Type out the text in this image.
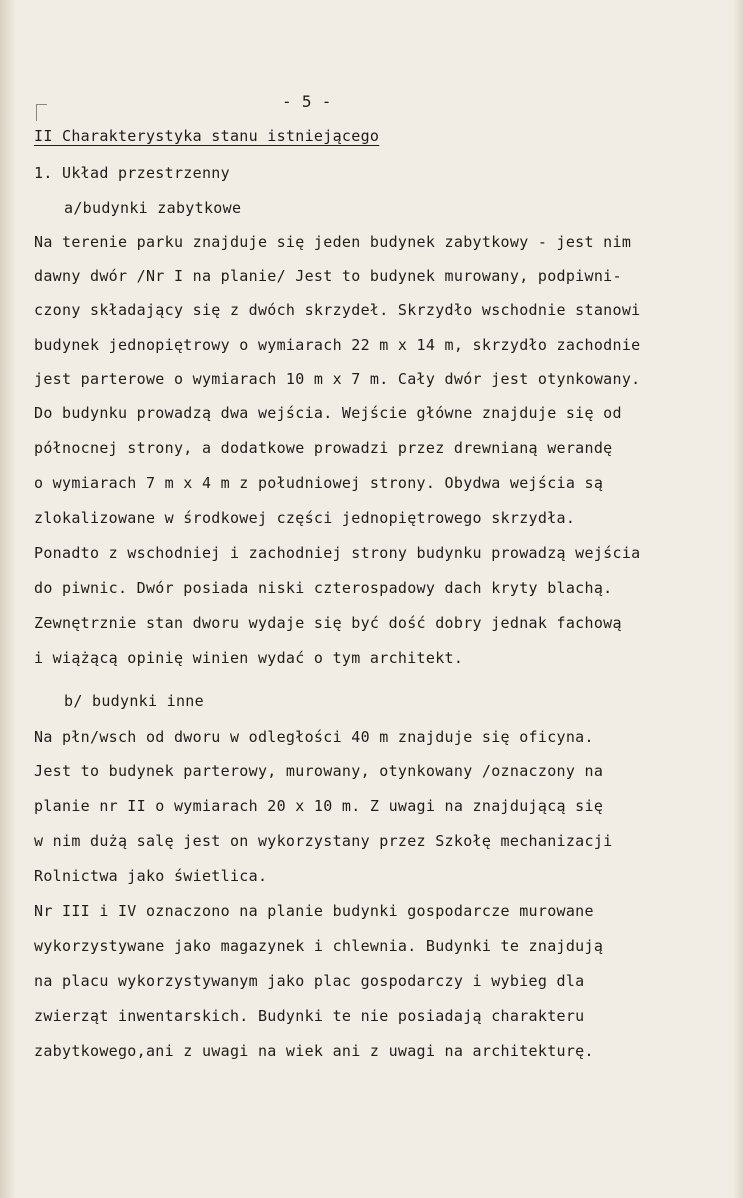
- 5 -
II Charakterystyka stanu istniejącego
1. Układ przestrzenny
a/budynki zabytkowe
Na terenie parku znajduje się jeden budynek zabytkowy - jest nim
dawny dwór /Nr I na planie/ Jest to budynek murowany, podpiwni-
czony składający się z dwóch skrzydeł. Skrzydło wschodnie stanowi
budynek jednopiętrowy o wymiarach 22 m x 14 m, skrzydło zachodnie
jest parterowe o wymiarach 10 m x 7 m. Cały dwór jest otynkowany.
Do budynku prowadzą dwa wejścia. Wejście główne znajduje się od
północnej strony, a dodatkowe prowadzi przez drewnianą werandę
o wymiarach 7 m x 4 m z południowej strony. Obydwa wejścia są
zlokalizowane w środkowej części jednopiętrowego skrzydła.
Ponadto z wschodniej i zachodniej strony budynku prowadzą wejścia
do piwnic. Dwór posiada niski czterospadowy dach kryty blachą.
Zewnętrznie stan dworu wydaje się być dość dobry jednak fachową
i wiążącą opinię winien wydać o tym architekt.
b/ budynki inne
Na płn/wsch od dworu w odległości 40 m znajduje się oficyna.
Jest to budynek parterowy, murowany, otynkowany /oznaczony na
planie nr II o wymiarach 20 x 10 m. Z uwagi na znajdującą się
w nim dużą salę jest on wykorzystany przez Szkołę mechanizacji
Rolnictwa jako świetlica.
Nr III i IV oznaczono na planie budynki gospodarcze murowane
wykorzystywane jako magazynek i chlewnia. Budynki te znajdują
na placu wykorzystywanym jako plac gospodarczy i wybieg dla
zwierząt inwentarskich. Budynki te nie posiadają charakteru
zabytkowego,ani z uwagi na wiek ani z uwagi na architekturę.
